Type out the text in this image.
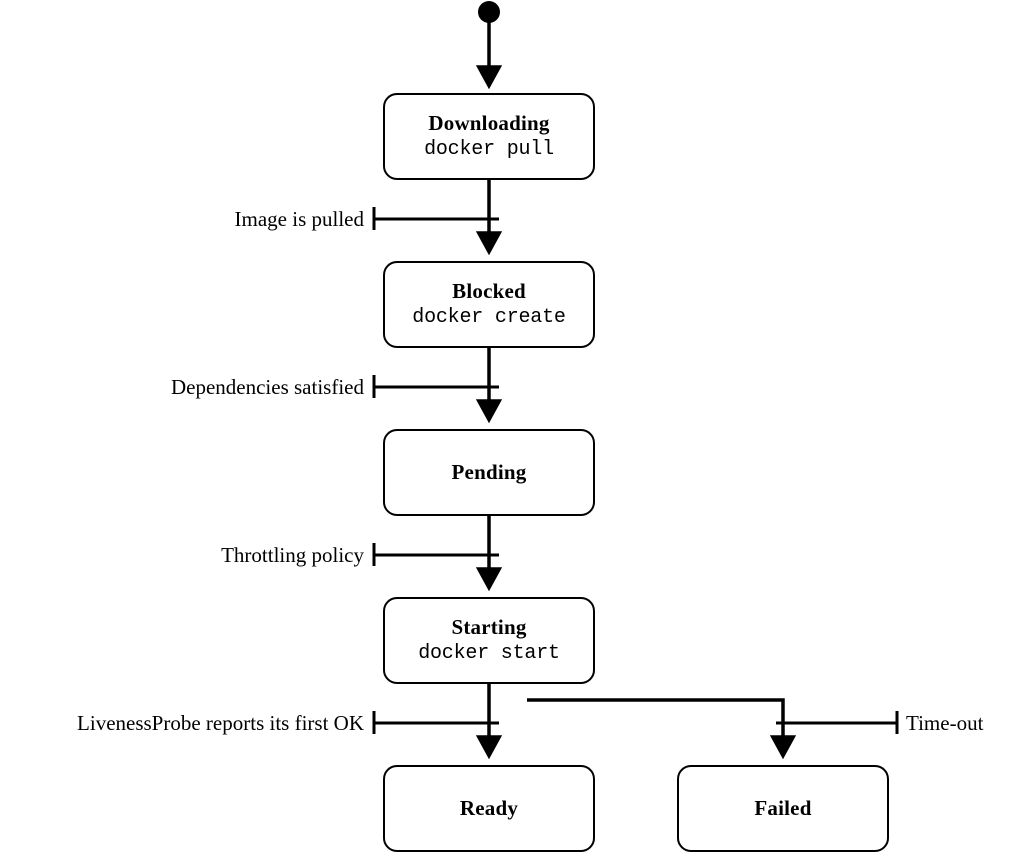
Downloading
docker pull
Blocked
docker create
Pending
Starting
docker start
Ready	Failed
Image is pulled
Dependencies satisfied
Throttling policy
LivenessProbe reports its first OK	Time-out
